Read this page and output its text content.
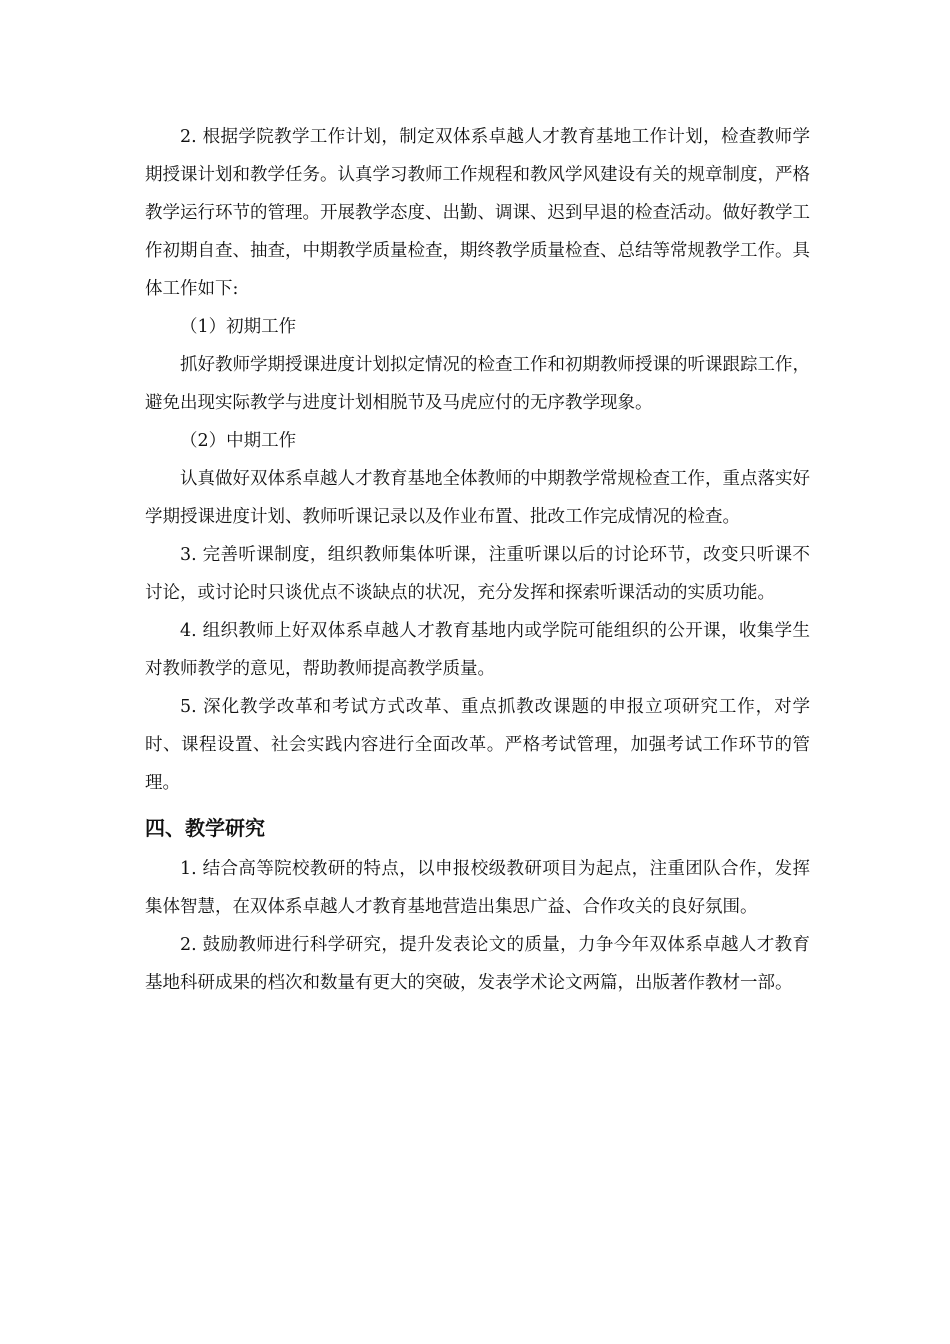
2. 根据学院教学工作计划，制定双体系卓越人才教育基地工作计划，检查教师学期授课计划和教学任务。认真学习教师工作规程和教风学风建设有关的规章制度，严格教学运行环节的管理。开展教学态度、出勤、调课、迟到早退的检查活动。做好教学工作初期自查、抽查，中期教学质量检查，期终教学质量检查、总结等常规教学工作。具体工作如下:

（1）初期工作

抓好教师学期授课进度计划拟定情况的检查工作和初期教师授课的听课跟踪工作，避免出现实际教学与进度计划相脱节及马虎应付的无序教学现象。

（2）中期工作

认真做好双体系卓越人才教育基地全体教师的中期教学常规检查工作，重点落实好学期授课进度计划、教师听课记录以及作业布置、批改工作完成情况的检查。

3. 完善听课制度，组织教师集体听课，注重听课以后的讨论环节，改变只听课不讨论，或讨论时只谈优点不谈缺点的状况，充分发挥和探索听课活动的实质功能。

4. 组织教师上好双体系卓越人才教育基地内或学院可能组织的公开课，收集学生对教师教学的意见，帮助教师提高教学质量。

5. 深化教学改革和考试方式改革、重点抓教改课题的申报立项研究工作，对学时、课程设置、社会实践内容进行全面改革。严格考试管理，加强考试工作环节的管理。

四、教学研究

1. 结合高等院校教研的特点，以申报校级教研项目为起点，注重团队合作，发挥集体智慧，在双体系卓越人才教育基地营造出集思广益、合作攻关的良好氛围。

2. 鼓励教师进行科学研究，提升发表论文的质量，力争今年双体系卓越人才教育基地科研成果的档次和数量有更大的突破，发表学术论文两篇，出版著作教材一部。
